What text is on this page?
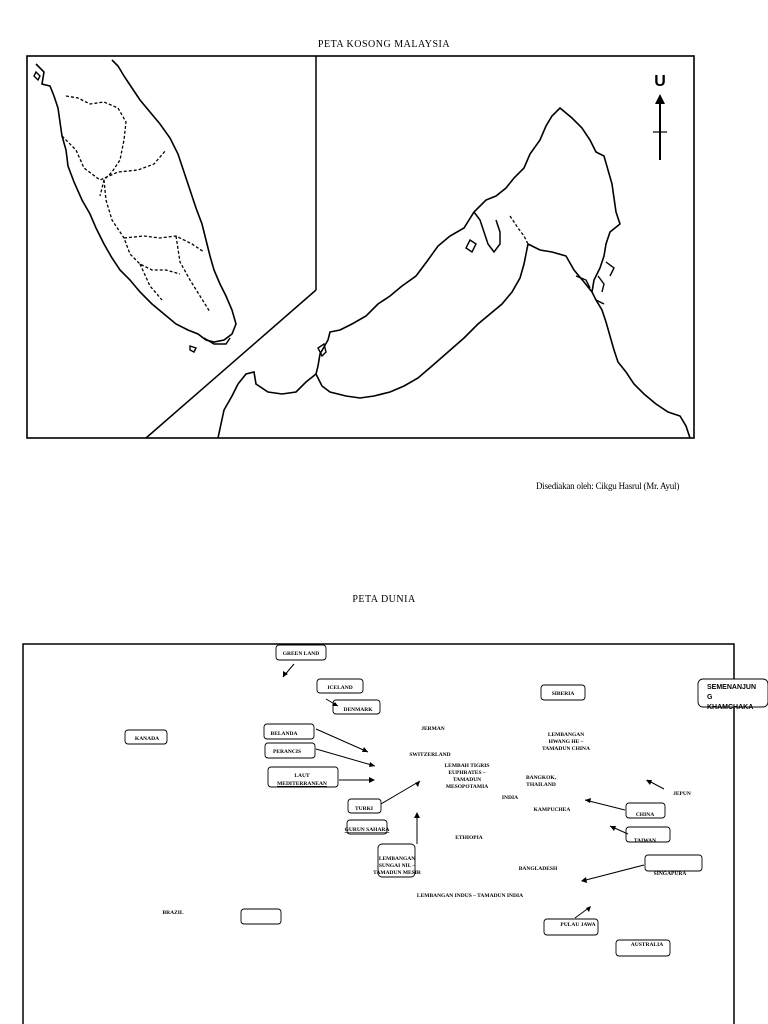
PETA KOSONG MALAYSIA
Disediakan oleh: Cikgu Hasrul (Mr. Ayul)
PETA DUNIA
U
GREEN LAND
ICELAND
DENMARK
BELANDA
PERANCIS
LAUT
MEDITERRANEAN
TURKI
GURUN SAHARA
LEMBANGAN
SUNGAI NIL –
TAMADUN MESIR
KANADA
SIBERIA
JEPUN
CHINA
TAIWAN
SINGAPURA
PULAU JAWA
AUSTRALIA
JERMAN
SWITZERLAND
LEMBAH TIGRIS
EUPHRATES –
TAMADUN
MESOPOTAMIA
LEMBANGAN
HWANG HE –
TAMADUN CHINA
BANGKOK,
THAILAND
INDIA
KAMPUCHEA
ETHIOPIA
BANGLADESH
LEMBANGAN INDUS – TAMADUN INDIA
BRAZIL
SEMENANJUN
G
KHAMCHAKA
